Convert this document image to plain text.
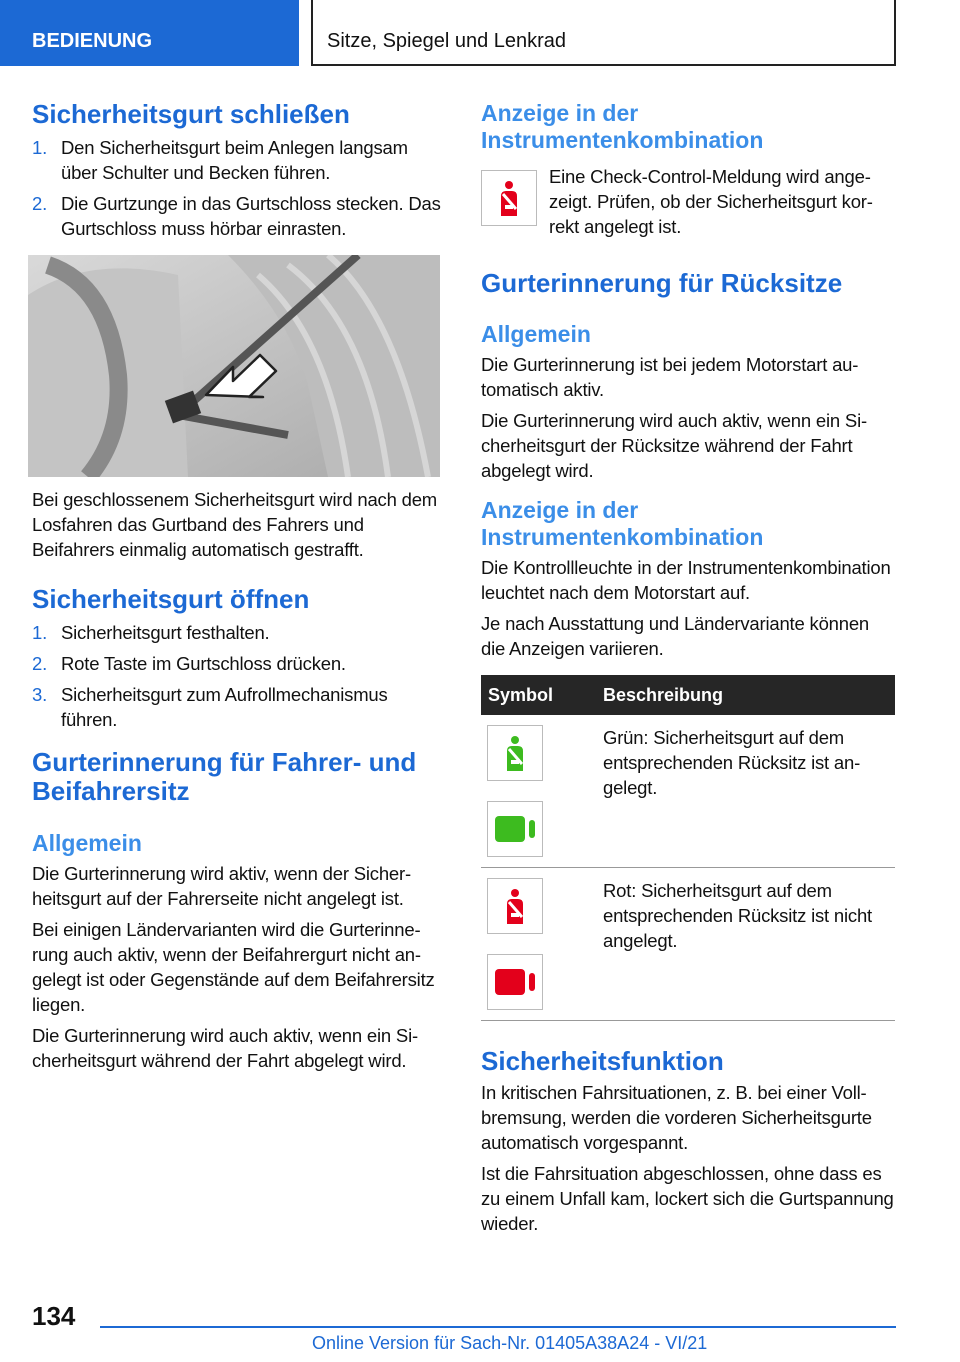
BEDIENUNG	Sitze, Spiegel und Lenkrad
Sicherheitsgurt schließen
1. Den Sicherheitsgurt beim Anlegen langsam über Schulter und Becken führen.
2. Die Gurtzunge in das Gurtschloss stecken. Das Gurtschloss muss hörbar einrasten.

Bei geschlossenem Sicherheitsgurt wird nach dem Losfahren das Gurtband des Fahrers und Beifahrers einmalig automatisch gestrafft.

Sicherheitsgurt öffnen
1. Sicherheitsgurt festhalten.
2. Rote Taste im Gurtschloss drücken.
3. Sicherheitsgurt zum Aufrollmechanismus führen.
Gurterinnerung für Fahrer- und Beifahrersitz
Allgemein

Die Gurterinnerung wird aktiv, wenn der Sicherheitsgurt auf der Fahrerseite nicht angelegt ist.

Bei einigen Ländervarianten wird die Gurterinnerung auch aktiv, wenn der Beifahrergurt nicht angelegt ist oder Gegenstände auf dem Beifahrersitz liegen.

Die Gurterinnerung wird auch aktiv, wenn ein Sicherheitsgurt während der Fahrt abgelegt wird.

Anzeige in der Instrumentenkombination

Eine Check-Control-Meldung wird angezeigt. Prüfen, ob der Sicherheitsgurt korrekt angelegt ist.

Gurterinnerung für Rücksitze
Allgemein

Die Gurterinnerung ist bei jedem Motorstart automatisch aktiv.

Die Gurterinnerung wird auch aktiv, wenn ein Sicherheitsgurt der Rücksitze während der Fahrt abgelegt wird.

Anzeige in der Instrumentenkombination

Die Kontrollleuchte in der Instrumentenkombination leuchtet nach dem Motorstart auf.

Je nach Ausstattung und Ländervariante können die Anzeigen variieren.

Symbol	Beschreibung

	Grün: Sicherheitsgurt auf dem entsprechenden Rücksitz ist angelegt.

	Rot: Sicherheitsgurt auf dem entsprechenden Rücksitz ist nicht angelegt.
Sicherheitsfunktion

In kritischen Fahrsituationen, z. B. bei einer Vollbremsung, werden die vorderen Sicherheitsgurte automatisch vorgespannt.

Ist die Fahrsituation abgeschlossen, ohne dass es zu einem Unfall kam, lockert sich die Gurtspannung wieder.

134
Online Version für Sach-Nr. 01405A38A24 - VI/21
